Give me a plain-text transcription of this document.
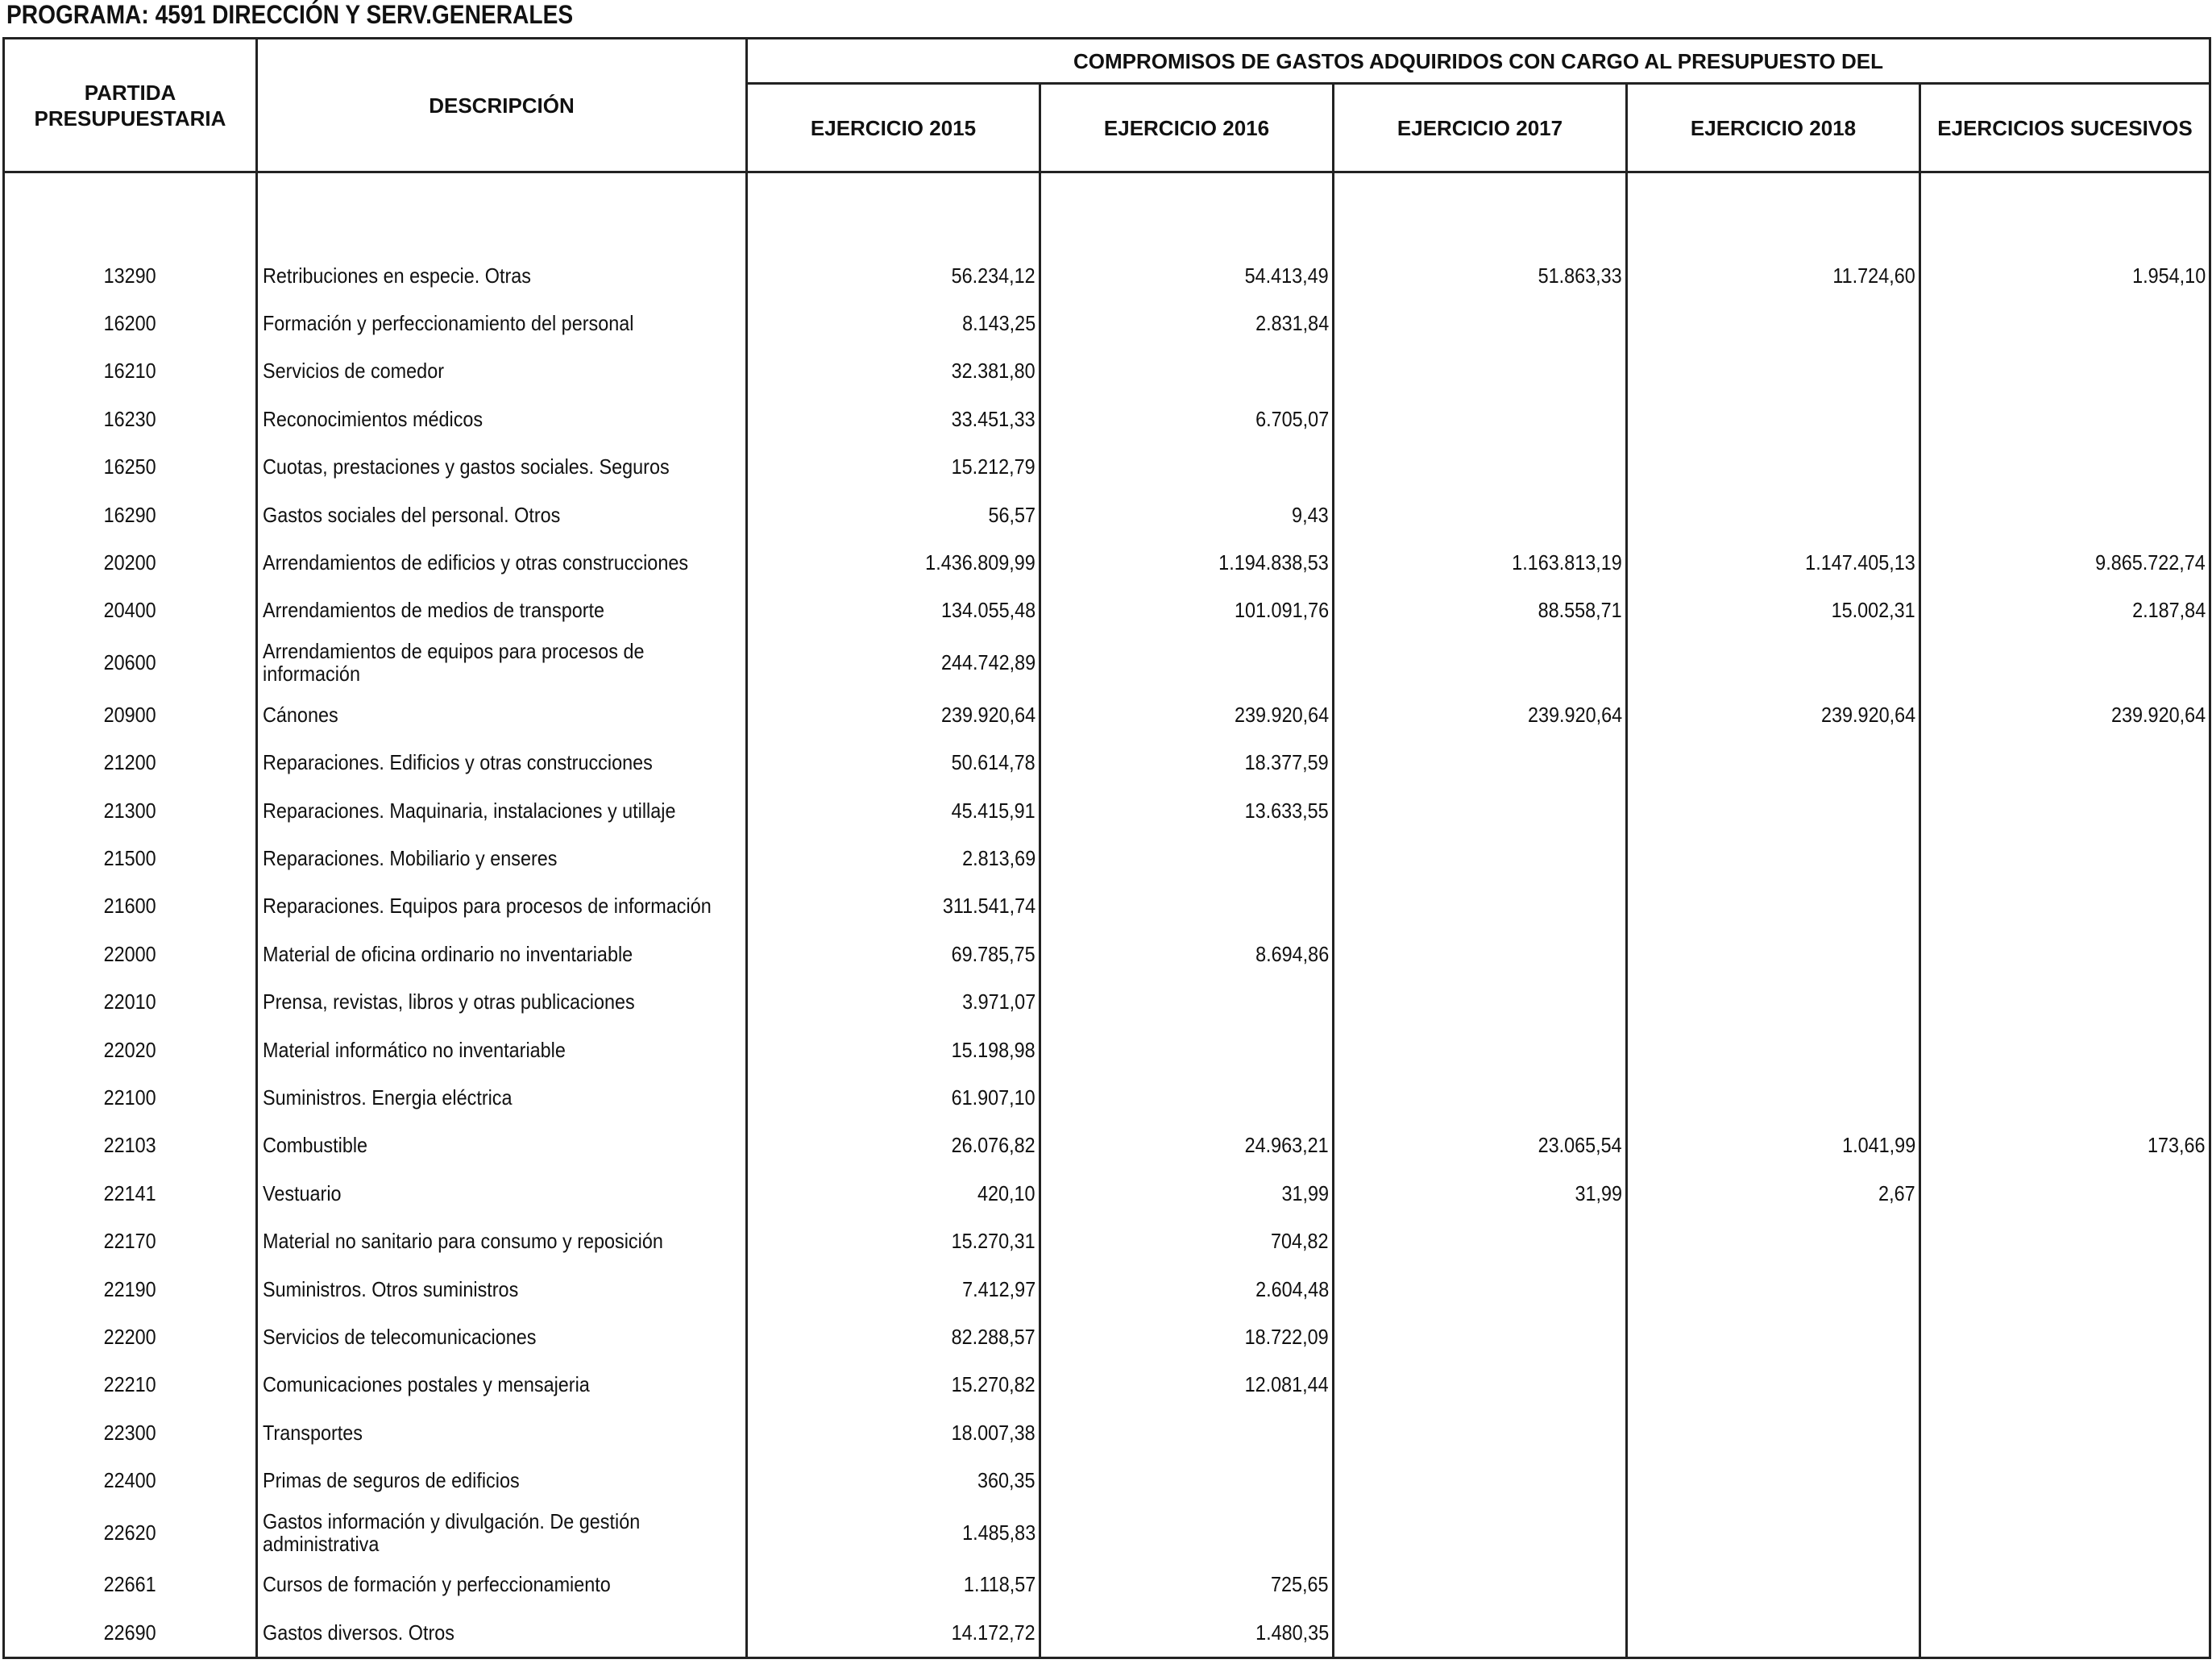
PROGRAMA: 4591 DIRECCIÓN Y SERV.GENERALES
PARTIDA
PRESUPUESTARIA	DESCRIPCIÓN	COMPROMISOS DE GASTOS ADQUIRIDOS CON CARGO AL PRESUPUESTO DEL				
		EJERCICIO 2015	EJERCICIO 2016	EJERCICIO 2017	EJERCICIO 2018	EJERCICIOS SUCESIVOS

13290	Retribuciones en especie. Otras	56.234,12	54.413,49	51.863,33	11.724,60	1.954,10
16200	Formación y perfeccionamiento del personal	8.143,25	2.831,84			
16210	Servicios de comedor	32.381,80				
16230	Reconocimientos médicos	33.451,33	6.705,07			
16250	Cuotas, prestaciones y gastos sociales. Seguros	15.212,79				
16290	Gastos sociales del personal. Otros	56,57	9,43			
20200	Arrendamientos de edificios y otras construcciones	1.436.809,99	1.194.838,53	1.163.813,19	1.147.405,13	9.865.722,74
20400	Arrendamientos de medios de transporte	134.055,48	101.091,76	88.558,71	15.002,31	2.187,84
20600	Arrendamientos de equipos para procesos de información	244.742,89				
20900	Cánones	239.920,64	239.920,64	239.920,64	239.920,64	239.920,64
21200	Reparaciones. Edificios y otras construcciones	50.614,78	18.377,59			
21300	Reparaciones. Maquinaria, instalaciones y utillaje	45.415,91	13.633,55			
21500	Reparaciones. Mobiliario y enseres	2.813,69				
21600	Reparaciones. Equipos para procesos de información	311.541,74				
22000	Material de oficina ordinario no inventariable	69.785,75	8.694,86			
22010	Prensa, revistas, libros y otras publicaciones	3.971,07				
22020	Material informático no inventariable	15.198,98				
22100	Suministros. Energia eléctrica	61.907,10				
22103	Combustible	26.076,82	24.963,21	23.065,54	1.041,99	173,66
22141	Vestuario	420,10	31,99	31,99	2,67	
22170	Material no sanitario para consumo y reposición	15.270,31	704,82			
22190	Suministros. Otros suministros	7.412,97	2.604,48			
22200	Servicios de telecomunicaciones	82.288,57	18.722,09			
22210	Comunicaciones postales y mensajeria	15.270,82	12.081,44			
22300	Transportes	18.007,38				
22400	Primas de seguros de edificios	360,35				
22620	Gastos información y divulgación. De gestión administrativa	1.485,83				
22661	Cursos de formación y perfeccionamiento	1.118,57	725,65			
22690	Gastos diversos. Otros	14.172,72	1.480,35			
